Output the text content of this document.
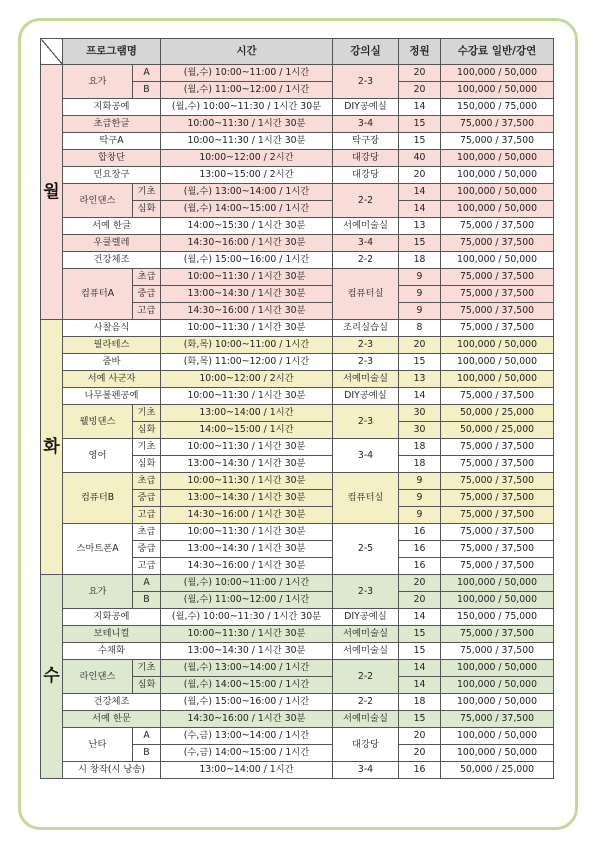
	프로그램명		시간	강의실	정원	수강료 일반/강연
월	요가	A	(월,수) 10:00~11:00 / 1시간	2-3	20	100,000 / 50,000
		B	(월,수) 11:00~12:00 / 1시간		20	100,000 / 50,000
	지화공예		(월,수) 10:00~11:30 / 1시간 30분	DIY공예실	14	150,000 / 75,000
	초급한글		10:00~11:30 / 1시간 30분	3-4	15	75,000 / 37,500
	탁구A		10:00~11:30 / 1시간 30분	탁구장	15	75,000 / 37,500
	합창단		10:00~12:00 / 2시간	대강당	40	100,000 / 50,000
	민요장구		13:00~15:00 / 2시간	대강당	20	100,000 / 50,000
	라인댄스	기초	(월,수) 13:00~14:00 / 1시간	2-2	14	100,000 / 50,000
		심화	(월,수) 14:00~15:00 / 1시간		14	100,000 / 50,000
	서예 한글		14:00~15:30 / 1시간 30분	서예미술실	13	75,000 / 37,500
	우쿨렐레		14:30~16:00 / 1시간 30분	3-4	15	75,000 / 37,500
	건강체조		(월,수) 15:00~16:00 / 1시간	2-2	18	100,000 / 50,000
	컴퓨터A	초급	10:00~11:30 / 1시간 30분	컴퓨터실	9	75,000 / 37,500
		중급	13:00~14:30 / 1시간 30분		9	75,000 / 37,500
		고급	14:30~16:00 / 1시간 30분		9	75,000 / 37,500
화	사찰음식		10:00~11:30 / 1시간 30분	조리실습실	8	75,000 / 37,500
	필라테스		(화,목) 10:00~11:00 / 1시간	2-3	20	100,000 / 50,000
	줌바		(화,목) 11:00~12:00 / 1시간	2-3	15	100,000 / 50,000
	서예 사군자		10:00~12:00 / 2시간	서예미술실	13	100,000 / 50,000
	나무볼펜공예		10:00~11:30 / 1시간 30분	DIY공예실	14	75,000 / 37,500
	웰빙댄스	기초	13:00~14:00 / 1시간	2-3	30	50,000 / 25,000
		심화	14:00~15:00 / 1시간		30	50,000 / 25,000
	영어	기초	10:00~11:30 / 1시간 30분	3-4	18	75,000 / 37,500
		심화	13:00~14:30 / 1시간 30분		18	75,000 / 37,500
	컴퓨터B	초급	10:00~11:30 / 1시간 30분	컴퓨터실	9	75,000 / 37,500
		중급	13:00~14:30 / 1시간 30분		9	75,000 / 37,500
		고급	14:30~16:00 / 1시간 30분		9	75,000 / 37,500
	스마트폰A	초급	10:00~11:30 / 1시간 30분	2-5	16	75,000 / 37,500
		중급	13:00~14:30 / 1시간 30분		16	75,000 / 37,500
		고급	14:30~16:00 / 1시간 30분		16	75,000 / 37,500
수	요가	A	(월,수) 10:00~11:00 / 1시간	2-3	20	100,000 / 50,000
		B	(월,수) 11:00~12:00 / 1시간		20	100,000 / 50,000
	지화공예		(월,수) 10:00~11:30 / 1시간 30분	DIY공예실	14	150,000 / 75,000
	보테니컬		10:00~11:30 / 1시간 30분	서예미술실	15	75,000 / 37,500
	수채화		13:00~14:30 / 1시간 30분	서예미술실	15	75,000 / 37,500
	라인댄스	기초	(월,수) 13:00~14:00 / 1시간	2-2	14	100,000 / 50,000
		심화	(월,수) 14:00~15:00 / 1시간		14	100,000 / 50,000
	건강체조		(월,수) 15:00~16:00 / 1시간	2-2	18	100,000 / 50,000
	서예 한문		14:30~16:00 / 1시간 30분	서예미술실	15	75,000 / 37,500
	난타	A	(수,금) 13:00~14:00 / 1시간	대강당	20	100,000 / 50,000
		B	(수,금) 14:00~15:00 / 1시간		20	100,000 / 50,000
	시 창작(시 낭송)		13:00~14:00 / 1시간	3-4	16	50,000 / 25,000
